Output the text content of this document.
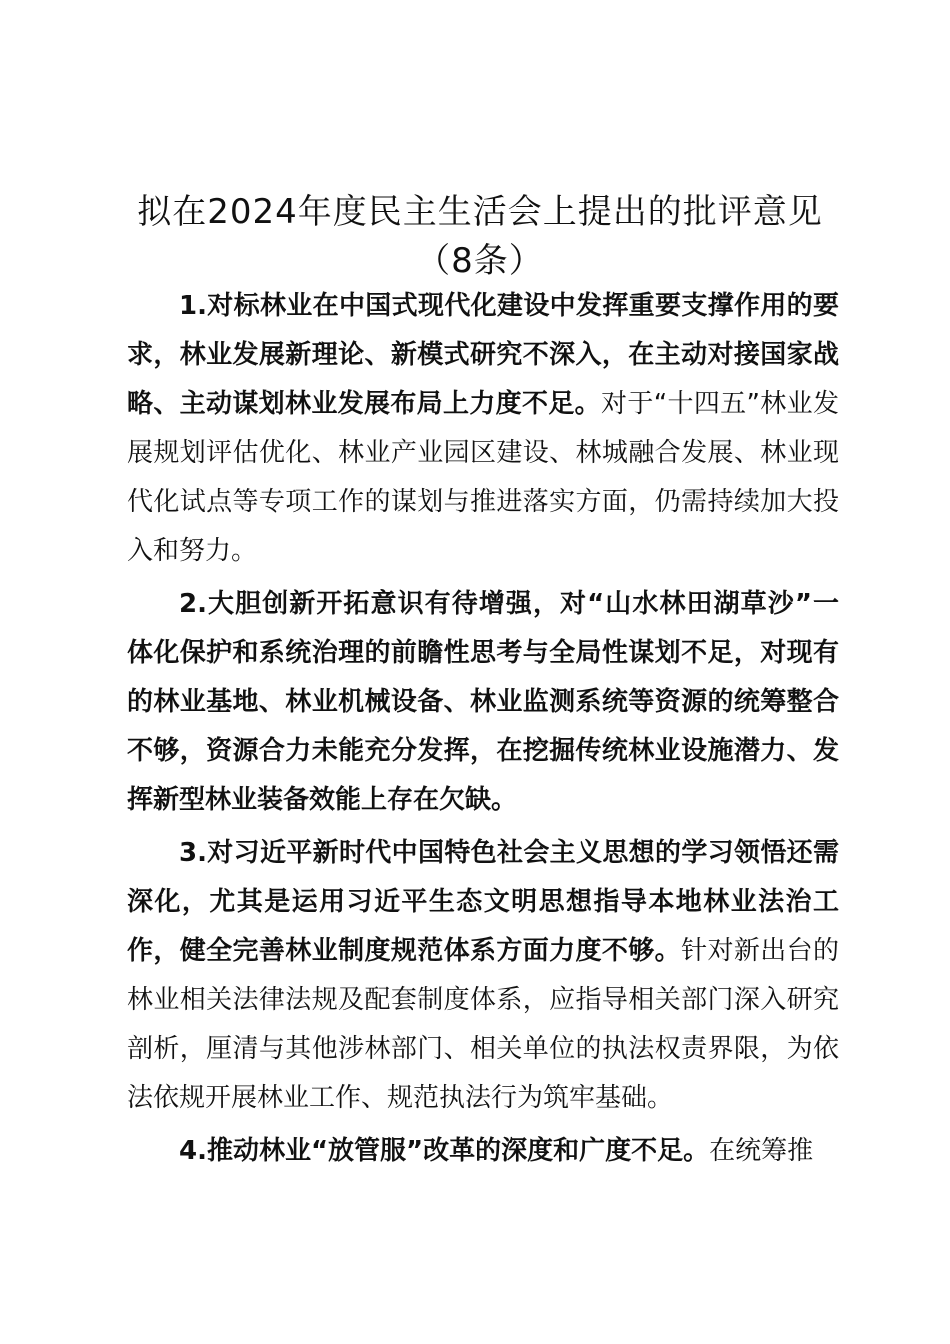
拟在2024年度民主生活会上提出的批评意见
（8条）

1.对标林业在中国式现代化建设中发挥重要支撑作用的要求，林业发展新理论、新模式研究不深入，在主动对接国家战略、主动谋划林业发展布局上力度不足。对于“十四五”林业发展规划评估优化、林业产业园区建设、林城融合发展、林业现代化试点等专项工作的谋划与推进落实方面，仍需持续加大投入和努力。

2.大胆创新开拓意识有待增强，对“山水林田湖草沙”一体化保护和系统治理的前瞻性思考与全局性谋划不足，对现有的林业基地、林业机械设备、林业监测系统等资源的统筹整合不够，资源合力未能充分发挥，在挖掘传统林业设施潜力、发挥新型林业装备效能上存在欠缺。

3.对习近平新时代中国特色社会主义思想的学习领悟还需深化，尤其是运用习近平生态文明思想指导本地林业法治工作，健全完善林业制度规范体系方面力度不够。针对新出台的林业相关法律法规及配套制度体系，应指导相关部门深入研究剖析，厘清与其他涉林部门、相关单位的执法权责界限，为依法依规开展林业工作、规范执法行为筑牢基础。

4.推动林业“放管服”改革的深度和广度不足。在统筹推
